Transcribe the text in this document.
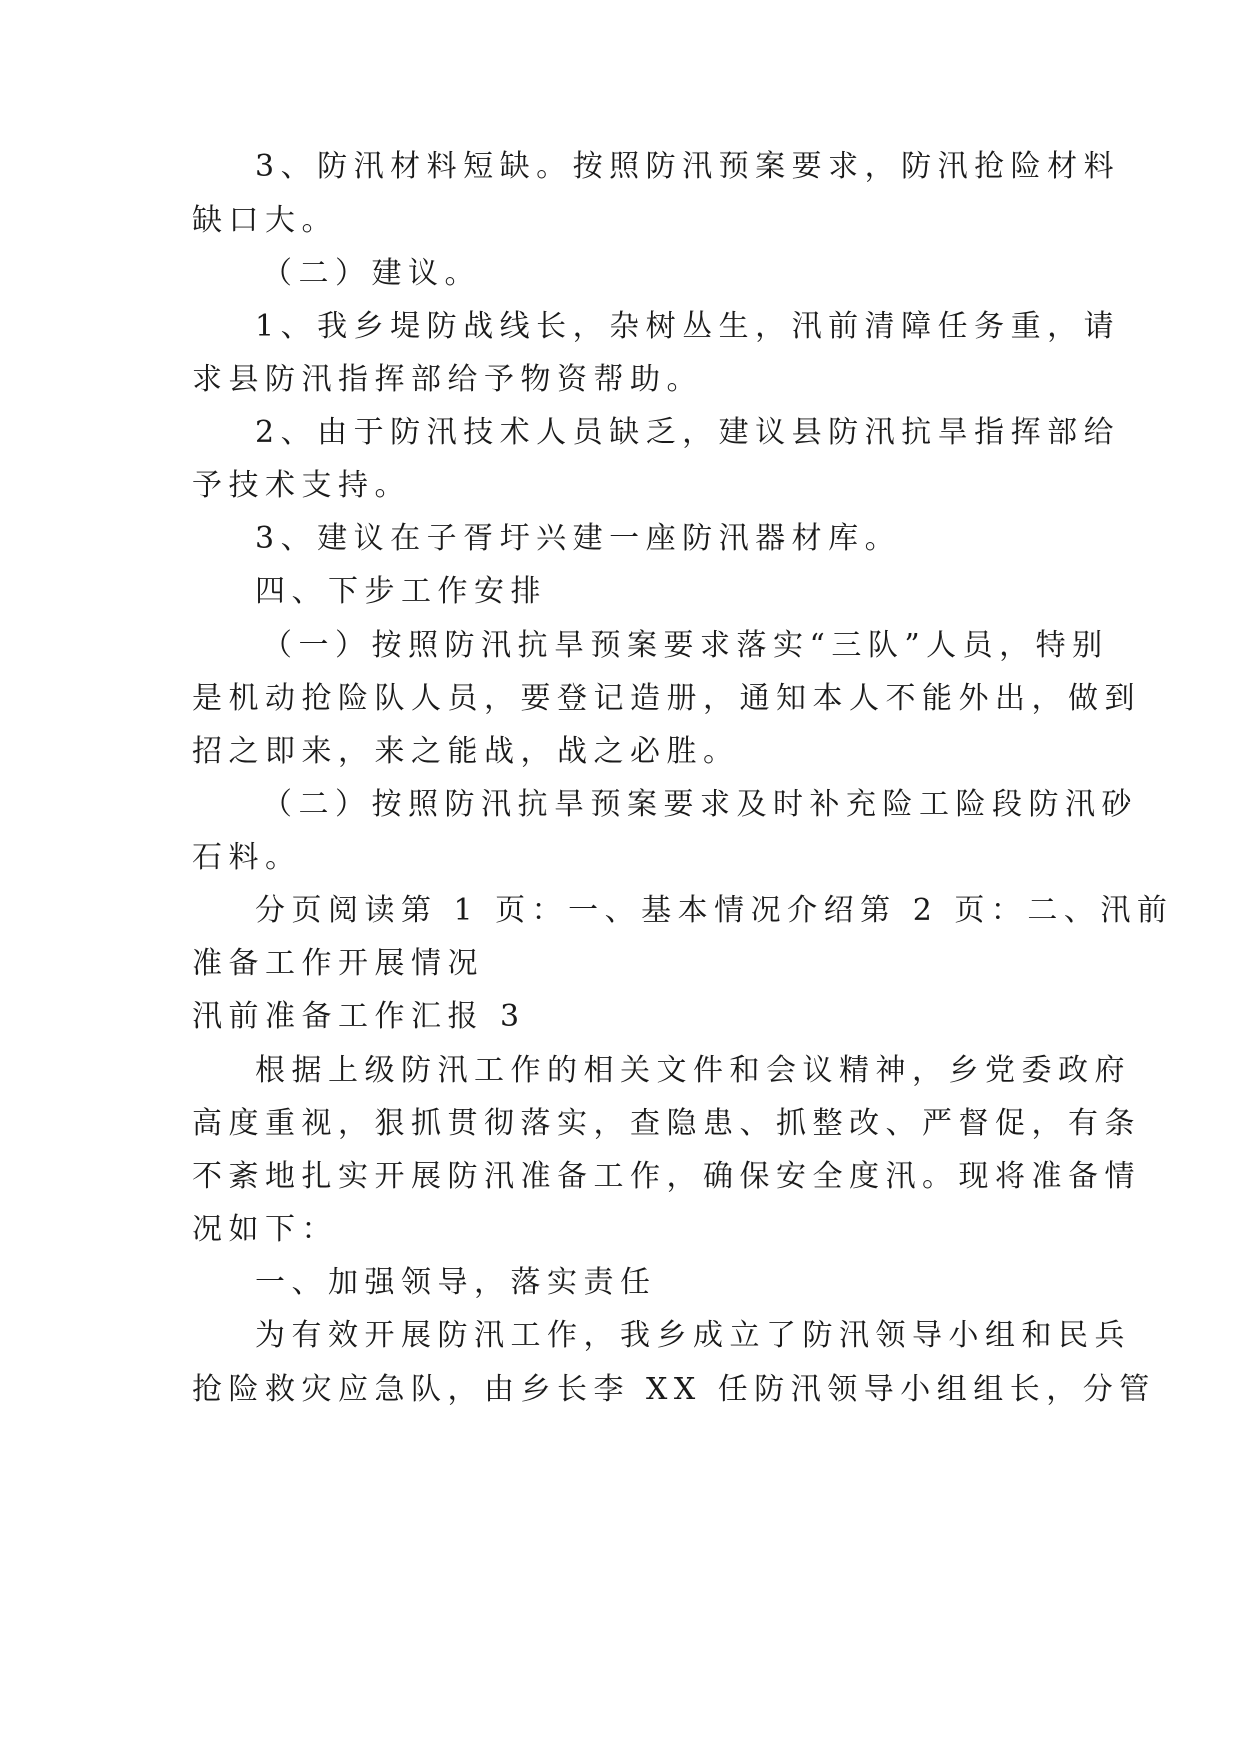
3、防汛材料短缺。按照防汛预案要求，防汛抢险材料
缺口大。
（二）建议。
1、我乡堤防战线长，杂树丛生，汛前清障任务重，请
求县防汛指挥部给予物资帮助。
2、由于防汛技术人员缺乏，建议县防汛抗旱指挥部给
予技术支持。
3、建议在子胥圩兴建一座防汛器材库。
四、下步工作安排
（一）按照防汛抗旱预案要求落实“三队”人员，特别
是机动抢险队人员，要登记造册，通知本人不能外出，做到
招之即来，来之能战，战之必胜。
（二）按照防汛抗旱预案要求及时补充险工险段防汛砂
石料。
分页阅读第 1 页：一、基本情况介绍第 2 页：二、汛前
准备工作开展情况
汛前准备工作汇报 3
根据上级防汛工作的相关文件和会议精神，乡党委政府
高度重视，狠抓贯彻落实，查隐患、抓整改、严督促，有条
不紊地扎实开展防汛准备工作，确保安全度汛。现将准备情
况如下：
一、加强领导，落实责任
为有效开展防汛工作，我乡成立了防汛领导小组和民兵
抢险救灾应急队，由乡长李 XX 任防汛领导小组组长，分管
